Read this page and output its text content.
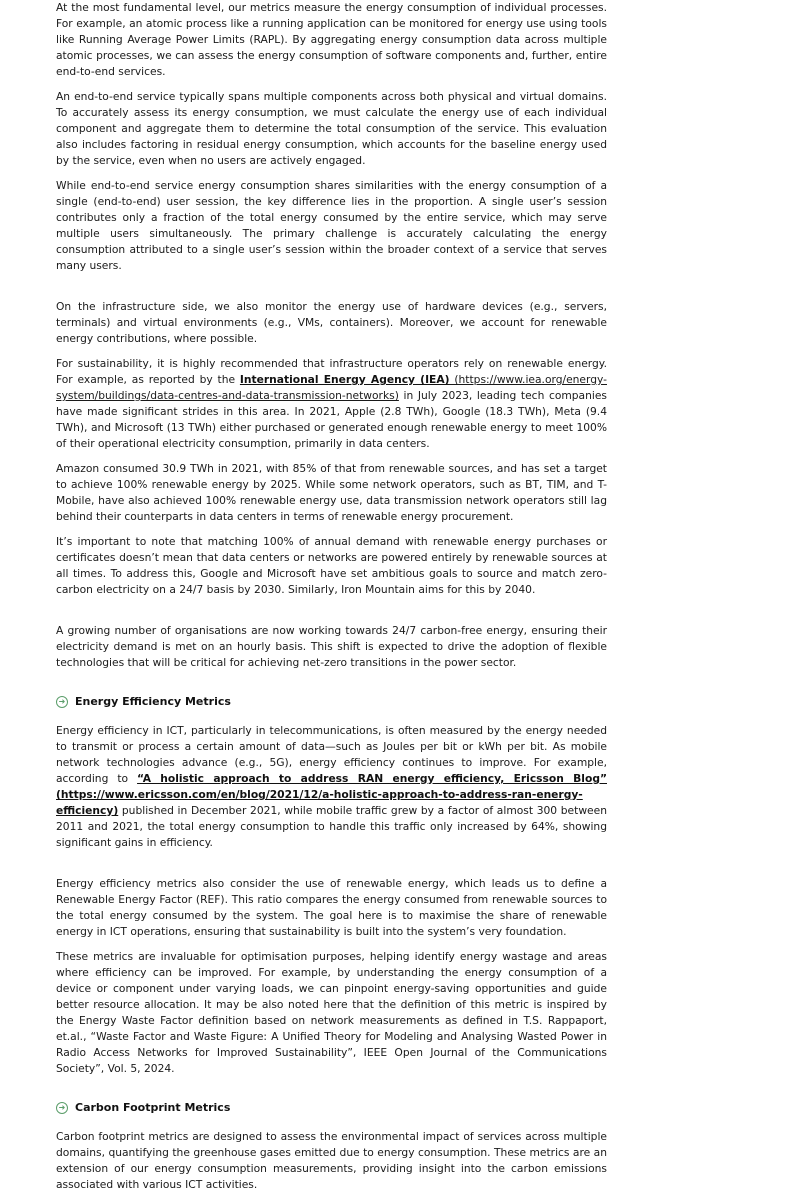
At the most fundamental level, our metrics measure the energy consumption of individual processes. For example, an atomic process like a running application can be monitored for energy use using tools like Running Average Power Limits (RAPL). By aggregating energy consumption data across multiple atomic processes, we can assess the energy consumption of software components and, further, entire end-to-end services.

An end-to-end service typically spans multiple components across both physical and virtual domains. To accurately assess its energy consumption, we must calculate the energy use of each individual component and aggregate them to determine the total consumption of the service. This evaluation also includes factoring in residual energy consumption, which accounts for the baseline energy used by the service, even when no users are actively engaged.

While end-to-end service energy consumption shares similarities with the energy consumption of a single (end-to-end) user session, the key difference lies in the proportion. A single user’s session contributes only a fraction of the total energy consumed by the entire service, which may serve multiple users simultaneously. The primary challenge is accurately calculating the energy consumption attributed to a single user’s session within the broader context of a service that serves many users.

On the infrastructure side, we also monitor the energy use of hardware devices (e.g., servers, terminals) and virtual environments (e.g., VMs, containers). Moreover, we account for renewable energy contributions, where possible.

For sustainability, it is highly recommended that infrastructure operators rely on renewable energy. For example, as reported by the International Energy Agency (IEA) (https://www.iea.org/energy-system/buildings/data-centres-and-data-transmission-networks) in July 2023, leading tech companies have made significant strides in this area. In 2021, Apple (2.8 TWh), Google (18.3 TWh), Meta (9.4 TWh), and Microsoft (13 TWh) either purchased or generated enough renewable energy to meet 100% of their operational electricity consumption, primarily in data centers.

Amazon consumed 30.9 TWh in 2021, with 85% of that from renewable sources, and has set a target to achieve 100% renewable energy by 2025. While some network operators, such as BT, TIM, and T-Mobile, have also achieved 100% renewable energy use, data transmission network operators still lag behind their counterparts in data centers in terms of renewable energy procurement.

It’s important to note that matching 100% of annual demand with renewable energy purchases or certificates doesn’t mean that data centers or networks are powered entirely by renewable sources at all times. To address this, Google and Microsoft have set ambitious goals to source and match zero-carbon electricity on a 24/7 basis by 2030. Similarly, Iron Mountain aims for this by 2040.

A growing number of organisations are now working towards 24/7 carbon-free energy, ensuring their electricity demand is met on an hourly basis. This shift is expected to drive the adoption of flexible technologies that will be critical for achieving net-zero transitions in the power sector.

➜ Energy Efficiency Metrics

Energy efficiency in ICT, particularly in telecommunications, is often measured by the energy needed to transmit or process a certain amount of data—such as Joules per bit or kWh per bit. As mobile network technologies advance (e.g., 5G), energy efficiency continues to improve. For example, according to “A holistic approach to address RAN energy efficiency, Ericsson Blog” (https://www.ericsson.com/en/blog/2021/12/a-holistic-approach-to-address-ran-energy-efficiency) published in December 2021, while mobile traffic grew by a factor of almost 300 between 2011 and 2021, the total energy consumption to handle this traffic only increased by 64%, showing significant gains in efficiency.

Energy efficiency metrics also consider the use of renewable energy, which leads us to define a Renewable Energy Factor (REF). This ratio compares the energy consumed from renewable sources to the total energy consumed by the system. The goal here is to maximise the share of renewable energy in ICT operations, ensuring that sustainability is built into the system’s very foundation.

These metrics are invaluable for optimisation purposes, helping identify energy wastage and areas where efficiency can be improved. For example, by understanding the energy consumption of a device or component under varying loads, we can pinpoint energy-saving opportunities and guide better resource allocation. It may be also noted here that the definition of this metric is inspired by the Energy Waste Factor definition based on network measurements as defined in T.S. Rappaport, et.al., “Waste Factor and Waste Figure: A Unified Theory for Modeling and Analysing Wasted Power in Radio Access Networks for Improved Sustainability”, IEEE Open Journal of the Communications Society”, Vol. 5, 2024.

➜ Carbon Footprint Metrics

Carbon footprint metrics are designed to assess the environmental impact of services across multiple domains, quantifying the greenhouse gases emitted due to energy consumption. These metrics are an extension of our energy consumption measurements, providing insight into the carbon emissions associated with various ICT activities.
